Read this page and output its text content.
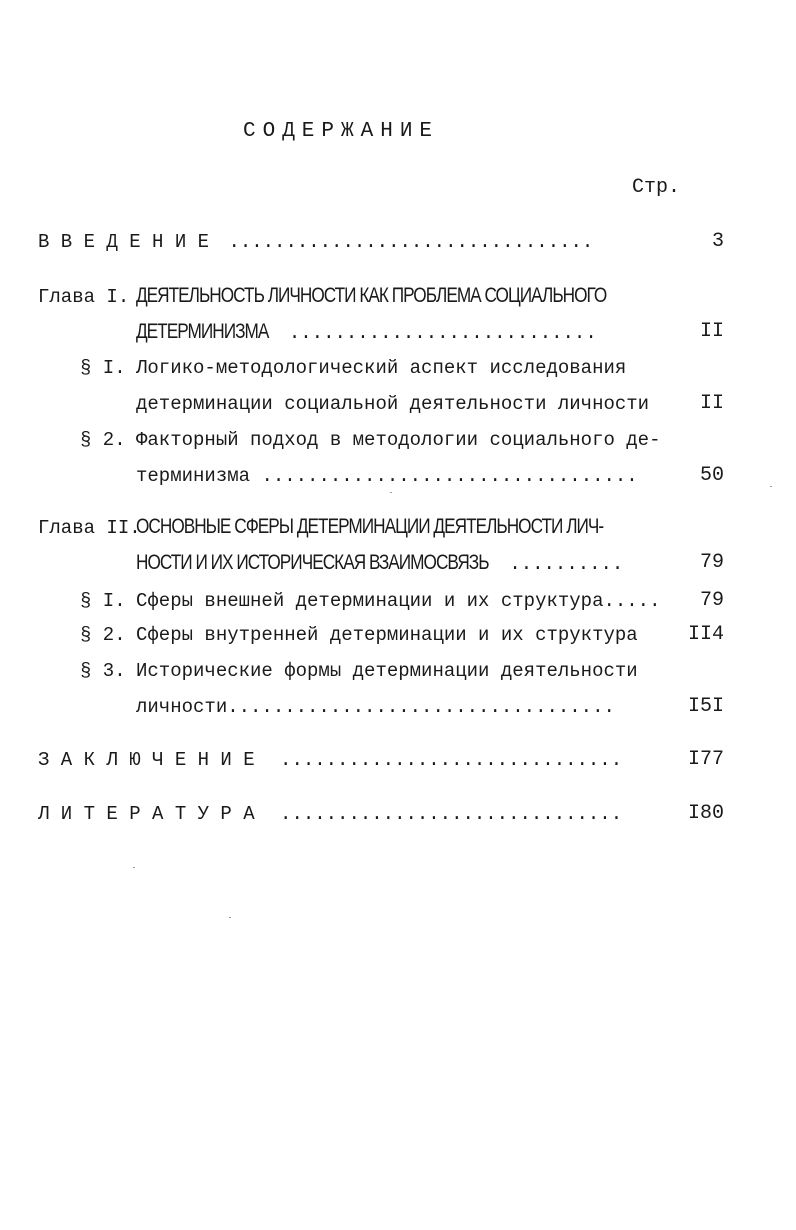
СОДЕРЖАНИЕ
Стр.
В В Е Д Е Н И Е ................................	3
Глава I. ДЕЯТЕЛЬНОСТЬ ЛИЧНОСТИ КАК ПРОБЛЕМА СОЦИАЛЬНОГО
ДЕТЕРМИНИЗМА ...........................	II
§ I. Логико-методологический аспект исследования
детерминации социальной деятельности личности	II
§ 2. Факторный подход в методологии социального де-
терминизма .................................	50
Глава II.
ОСНОВНЫЕ СФЕРЫ ДЕТЕРМИНАЦИИ ДЕЯТЕЛЬНОСТИ ЛИЧ-
НОСТИ И ИХ ИСТОРИЧЕСКАЯ ВЗАИМОСВЯЗЬ ..........	79
§ I. Сферы внешней детерминации и их структура.....	79
§ 2. Сферы внутренней детерминации и их структура	II4
§ 3. Исторические формы детерминации деятельности
личности..................................	I5I
З А К Л Ю Ч Е Н И Е ..............................	I77
Л И Т Е Р А Т У Р А ..............................	I80
